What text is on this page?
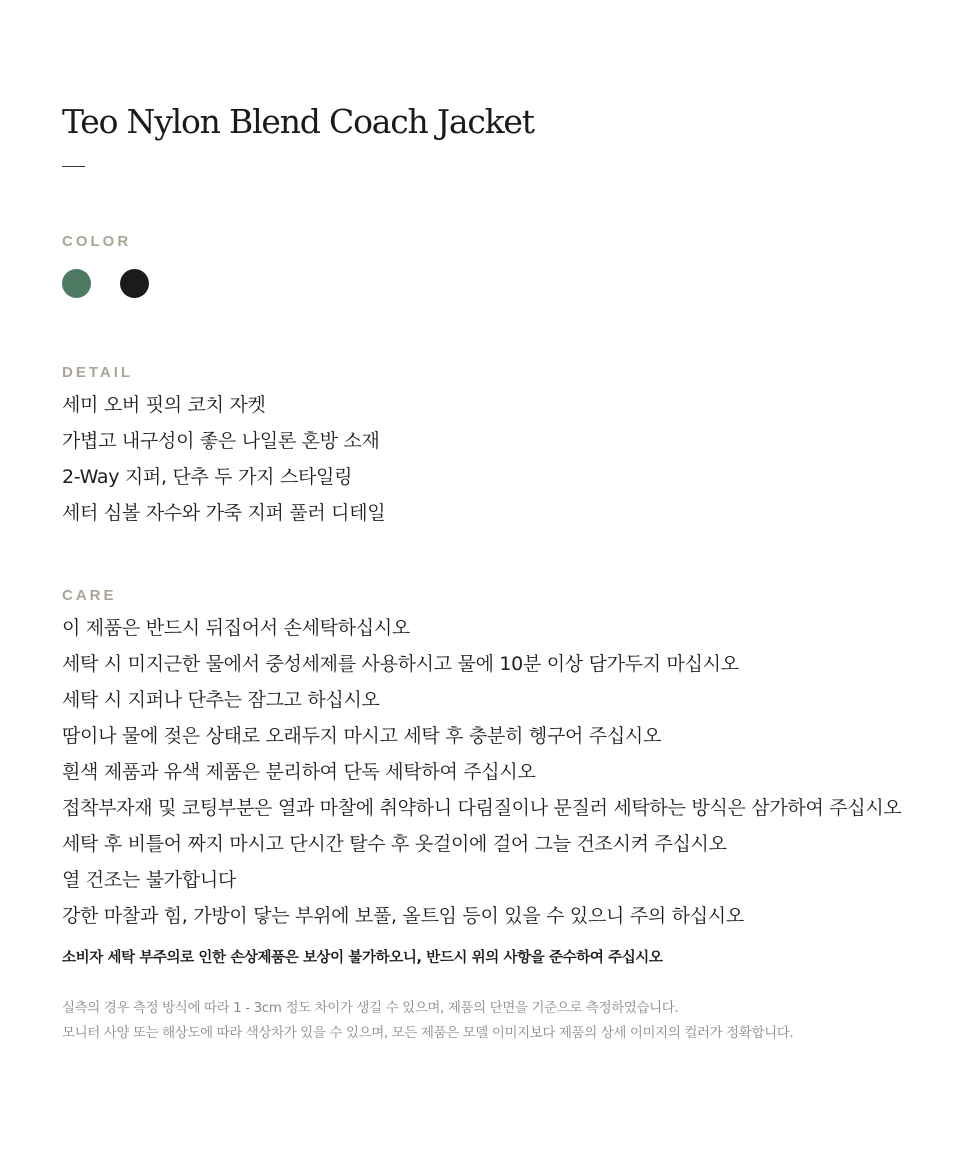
Teo Nylon Blend Coach Jacket
COLOR
DETAIL
세미 오버 핏의 코치 자켓
가볍고 내구성이 좋은 나일론 혼방 소재
2-Way 지퍼, 단추 두 가지 스타일링
세터 심볼 자수와 가죽 지퍼 풀러 디테일
CARE
이 제품은 반드시 뒤집어서 손세탁하십시오
세탁 시 미지근한 물에서 중성세제를 사용하시고 물에 10분 이상 담가두지 마십시오
세탁 시 지퍼나 단추는 잠그고 하십시오
땀이나 물에 젖은 상태로 오래두지 마시고 세탁 후 충분히 헹구어 주십시오
흰색 제품과 유색 제품은 분리하여 단독 세탁하여 주십시오
접착부자재 및 코팅부분은 열과 마찰에 취약하니 다림질이나 문질러 세탁하는 방식은 삼가하여 주십시오
세탁 후 비틀어 짜지 마시고 단시간 탈수 후 옷걸이에 걸어 그늘 건조시켜 주십시오
열 건조는 불가합니다
강한 마찰과 힘, 가방이 닿는 부위에 보풀, 올트임 등이 있을 수 있으니 주의 하십시오

소비자 세탁 부주의로 인한 손상제품은 보상이 불가하오니, 반드시 위의 사항을 준수하여 주십시오

실측의 경우 측정 방식에 따라 1 - 3cm 정도 차이가 생길 수 있으며, 제품의 단면을 기준으로 측정하였습니다.
모니터 사양 또는 해상도에 따라 색상차가 있을 수 있으며, 모든 제품은 모델 이미지보다 제품의 상세 이미지의 컬러가 정확합니다.
